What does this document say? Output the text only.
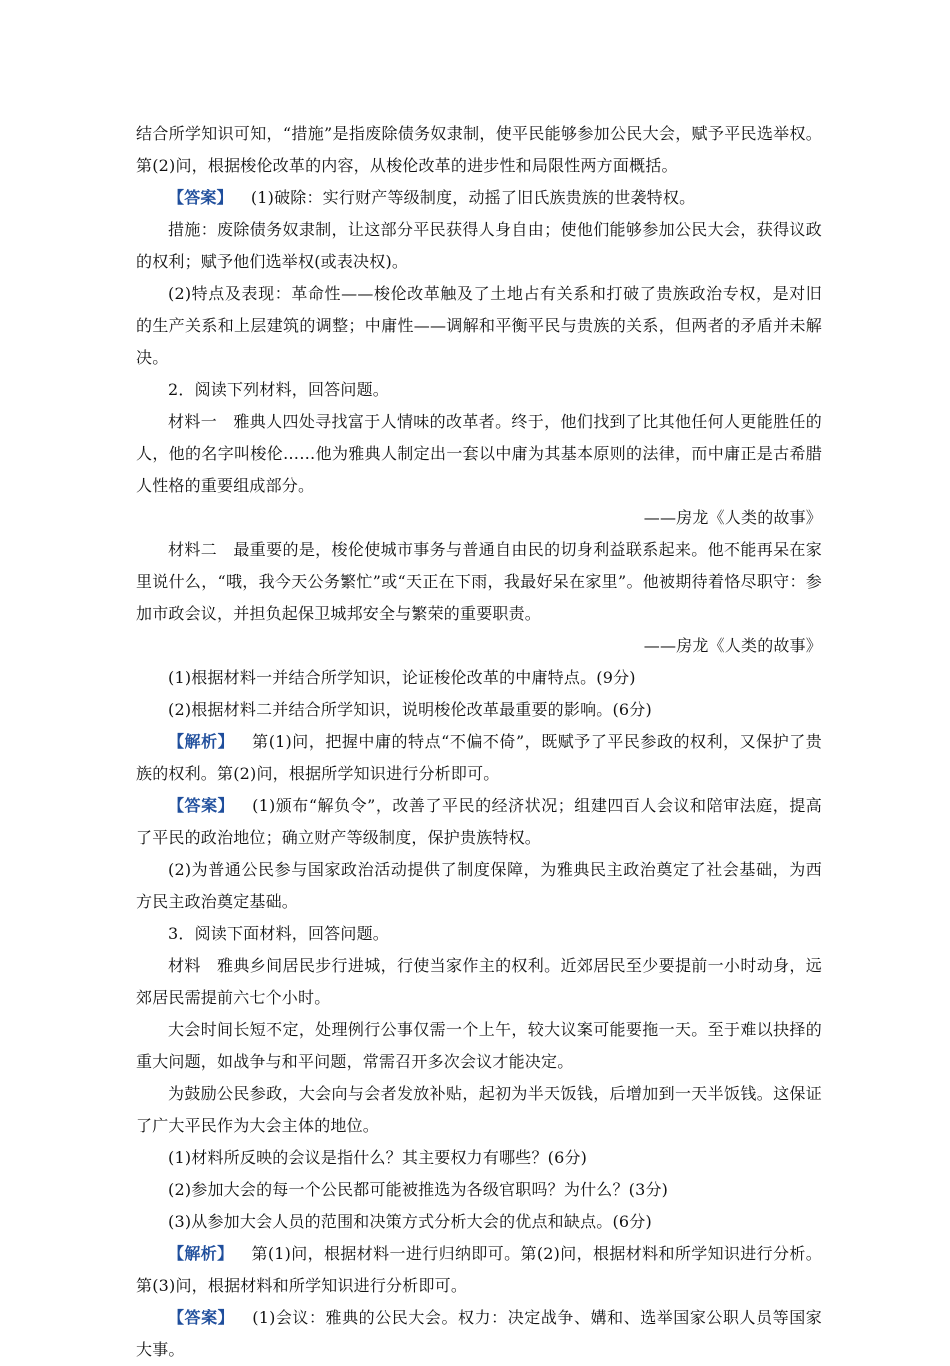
结合所学知识可知，“措施”是指废除债务奴隶制，使平民能够参加公民大会，赋予平民选举权。第(2)问，根据梭伦改革的内容，从梭伦改革的进步性和局限性两方面概括。

【答案】 (1)破除：实行财产等级制度，动摇了旧氏族贵族的世袭特权。

措施：废除债务奴隶制，让这部分平民获得人身自由；使他们能够参加公民大会，获得议政的权利；赋予他们选举权(或表决权)。

(2)特点及表现：革命性——梭伦改革触及了土地占有关系和打破了贵族政治专权，是对旧的生产关系和上层建筑的调整；中庸性——调解和平衡平民与贵族的关系，但两者的矛盾并未解决。

2．阅读下列材料，回答问题。

材料一　雅典人四处寻找富于人情味的改革者。终于，他们找到了比其他任何人更能胜任的人，他的名字叫梭伦……他为雅典人制定出一套以中庸为其基本原则的法律，而中庸正是古希腊人性格的重要组成部分。

——房龙《人类的故事》

材料二　最重要的是，梭伦使城市事务与普通自由民的切身利益联系起来。他不能再呆在家里说什么，“哦，我今天公务繁忙”或“天正在下雨，我最好呆在家里”。他被期待着恪尽职守：参加市政会议，并担负起保卫城邦安全与繁荣的重要职责。

——房龙《人类的故事》

(1)根据材料一并结合所学知识，论证梭伦改革的中庸特点。(9分)

(2)根据材料二并结合所学知识，说明梭伦改革最重要的影响。(6分)

【解析】 第(1)问，把握中庸的特点“不偏不倚”，既赋予了平民参政的权利，又保护了贵族的权利。第(2)问，根据所学知识进行分析即可。

【答案】 (1)颁布“解负令”，改善了平民的经济状况；组建四百人会议和陪审法庭，提高了平民的政治地位；确立财产等级制度，保护贵族特权。

(2)为普通公民参与国家政治活动提供了制度保障，为雅典民主政治奠定了社会基础，为西方民主政治奠定基础。

3．阅读下面材料，回答问题。

材料　雅典乡间居民步行进城，行使当家作主的权利。近郊居民至少要提前一小时动身，远郊居民需提前六七个小时。

大会时间长短不定，处理例行公事仅需一个上午，较大议案可能要拖一天。至于难以抉择的重大问题，如战争与和平问题，常需召开多次会议才能决定。

为鼓励公民参政，大会向与会者发放补贴，起初为半天饭钱，后增加到一天半饭钱。这保证了广大平民作为大会主体的地位。

(1)材料所反映的会议是指什么？其主要权力有哪些？(6分)

(2)参加大会的每一个公民都可能被推选为各级官职吗？为什么？(3分)

(3)从参加大会人员的范围和决策方式分析大会的优点和缺点。(6分)

【解析】 第(1)问，根据材料一进行归纳即可。第(2)问，根据材料和所学知识进行分析。第(3)问，根据材料和所学知识进行分析即可。

【答案】 (1)会议：雅典的公民大会。权力：决定战争、媾和、选举国家公职人员等国家大事。
